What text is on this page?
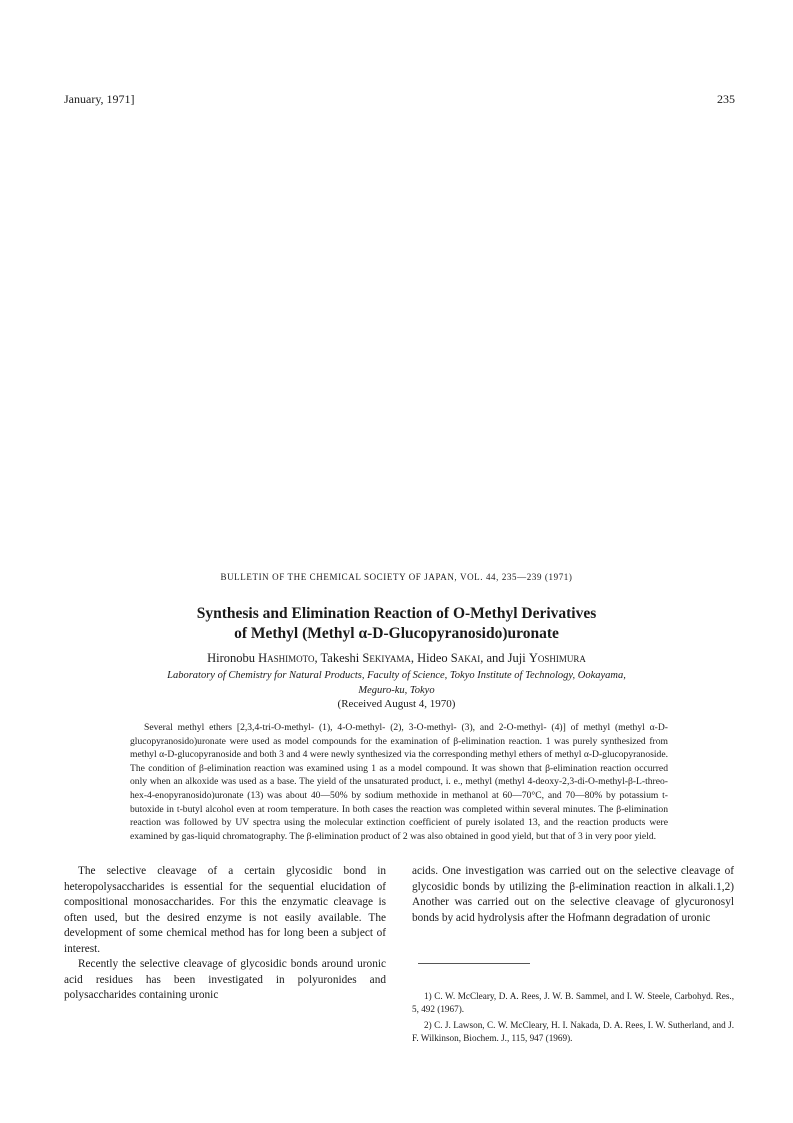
January, 1971]	235
BULLETIN OF THE CHEMICAL SOCIETY OF JAPAN, VOL. 44, 235—239 (1971)
Synthesis and Elimination Reaction of O-Methyl Derivatives
of Methyl (Methyl α-D-Glucopyranosido)uronate
Hironobu Hashimoto, Takeshi Sekiyama, Hideo Sakai, and Juji Yoshimura
Laboratory of Chemistry for Natural Products, Faculty of Science, Tokyo Institute of Technology, Ookayama,
Meguro-ku, Tokyo
(Received August 4, 1970)

Several methyl ethers [2,3,4-tri-O-methyl- (1), 4-O-methyl- (2), 3-O-methyl- (3), and 2-O-methyl- (4)] of methyl (methyl α-D-glucopyranosido)uronate were used as model compounds for the examination of β-elimination reaction. 1 was purely synthesized from methyl α-D-glucopyranoside and both 3 and 4 were newly synthesized via the corresponding methyl ethers of methyl α-D-glucopyranoside. The condition of β-elimination reaction was examined using 1 as a model compound. It was shown that β-elimination reaction occurred only when an alkoxide was used as a base. The yield of the unsaturated product, i. e., methyl (methyl 4-deoxy-2,3-di-O-methyl-β-L-threo-hex-4-enopyranosido)uronate (13) was about 40—50% by sodium methoxide in methanol at 60—70°C, and 70—80% by potassium t-butoxide in t-butyl alcohol even at room temperature. In both cases the reaction was completed within several minutes. The β-elimination reaction was followed by UV spectra using the molecular extinction coefficient of purely isolated 13, and the reaction products were examined by gas-liquid chromatography. The β-elimination product of 2 was also obtained in good yield, but that of 3 in very poor yield.

The selective cleavage of a certain glycosidic bond in heteropolysaccharides is essential for the sequential elucidation of compositional monosaccharides. For this the enzymatic cleavage is often used, but the desired enzyme is not easily available. The development of some chemical method has for long been a subject of interest.

Recently the selective cleavage of glycosidic bonds around uronic acid residues has been investigated in polyuronides and polysaccharides containing uronic

acids. One investigation was carried out on the selective cleavage of glycosidic bonds by utilizing the β-elimination reaction in alkali.1,2) Another was carried out on the selective cleavage of glycuronosyl bonds by acid hydrolysis after the Hofmann degradation of uronic

1) C. W. McCleary, D. A. Rees, J. W. B. Sammel, and I. W. Steele, Carbohyd. Res., 5, 492 (1967).

2) C. J. Lawson, C. W. McCleary, H. I. Nakada, D. A. Rees, I. W. Sutherland, and J. F. Wilkinson, Biochem. J., 115, 947 (1969).
